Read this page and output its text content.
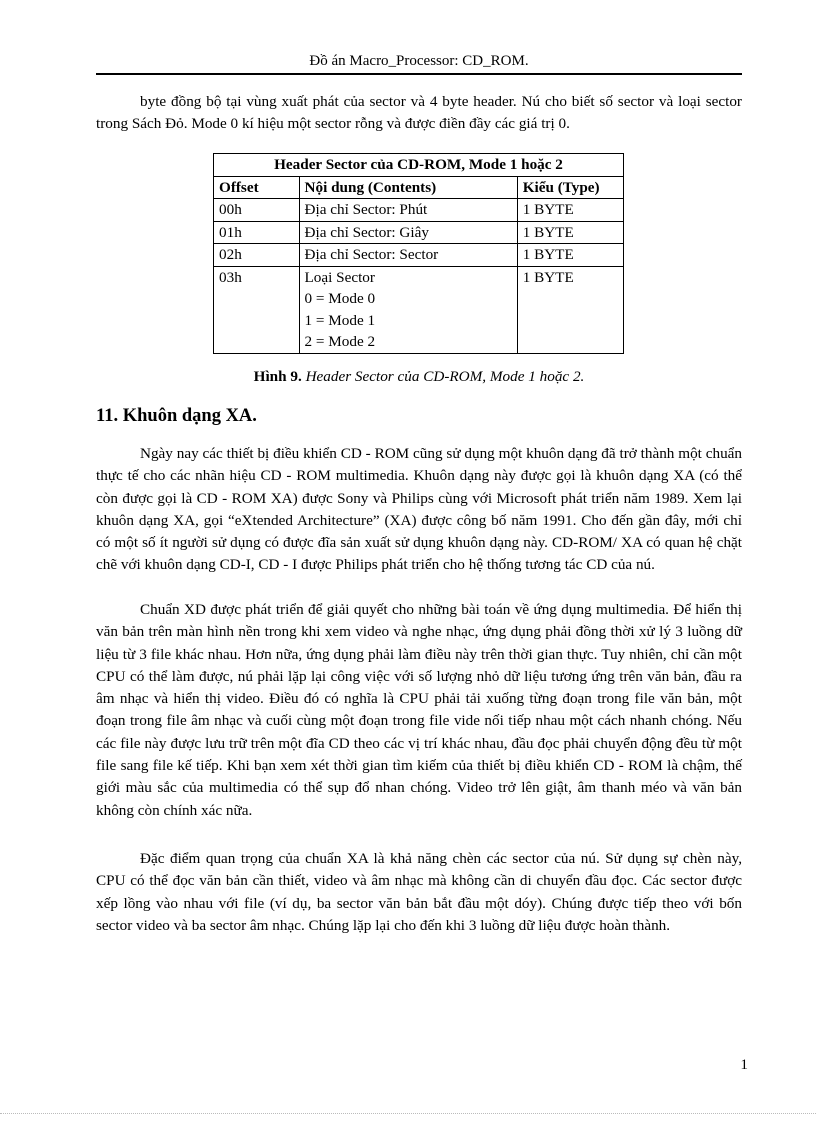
Đồ án Macro_Processor: CD_ROM.

byte đồng bộ tại vùng xuất phát của sector và 4 byte header. Nú cho biết số sector và loại sector trong Sách Đỏ. Mode 0 kí hiệu một sector rỗng và được điền đầy các giá trị 0.

Header Sector của CD-ROM, Mode 1 hoặc 2		
Offset	Nội dung (Contents)	Kiểu (Type)
00h	Địa chỉ Sector: Phút	1 BYTE
01h	Địa chỉ Sector: Giây	1 BYTE
02h	Địa chỉ Sector: Sector	1 BYTE
03h	Loại Sector
0 = Mode 0
1 = Mode 1
2 = Mode 2	1 BYTE
Hình 9. Header Sector của CD-ROM, Mode 1 hoặc 2.
11. Khuôn dạng XA.

Ngày nay các thiết bị điều khiển CD - ROM cũng sử dụng một khuôn dạng đã trở thành một chuẩn thực tế cho các nhãn hiệu CD - ROM multimedia. Khuôn dạng này được gọi là khuôn dạng XA (có thể còn được gọi là CD - ROM XA) được Sony và Philips cùng với Microsoft phát triển năm 1989. Xem lại khuôn dạng XA, gọi “eXtended Architecture” (XA) được công bố năm 1991. Cho đến gần đây, mới chỉ có một số ít người sử dụng có được đĩa sản xuất sử dụng khuôn dạng này. CD-ROM/ XA có quan hệ chặt chẽ với khuôn dạng CD-I, CD - I được Philips phát triển cho hệ thống tương tác CD của nú.

Chuẩn XD được phát triển để giải quyết cho những bài toán về ứng dụng multimedia. Để hiển thị văn bản trên màn hình nền trong khi xem video và nghe nhạc, ứng dụng phải đồng thời xử lý 3 luồng dữ liệu từ 3 file khác nhau. Hơn nữa, ứng dụng phải làm điều này trên thời gian thực. Tuy nhiên, chỉ cần một CPU có thể làm được, nú phải lặp lại công việc với số lượng nhỏ dữ liệu tương ứng trên văn bản, đầu ra âm nhạc và hiển thị video. Điều đó có nghĩa là CPU phải tải xuống từng đoạn trong file văn bản, một đoạn trong file âm nhạc và cuối cùng một đoạn trong file vide nối tiếp nhau một cách nhanh chóng. Nếu các file này được lưu trữ trên một đĩa CD theo các vị trí khác nhau, đầu đọc phải chuyển động đều từ một file sang file kế tiếp. Khi bạn xem xét thời gian tìm kiếm của thiết bị điều khiển CD - ROM là chậm, thế giới màu sắc của multimedia có thể sụp đổ nhan chóng. Video trở lên giật, âm thanh méo và văn bản không còn chính xác nữa.

Đặc điểm quan trọng của chuẩn XA là khả năng chèn các sector của nú. Sử dụng sự chèn này, CPU có thể đọc văn bản cần thiết, video và âm nhạc mà không cần di chuyển đầu đọc. Các sector được xếp lồng vào nhau với file (ví dụ, ba sector văn bản bắt đầu một dóy). Chúng được tiếp theo với bốn sector video và ba sector âm nhạc. Chúng lặp lại cho đến khi 3 luồng dữ liệu được hoàn thành.

1
